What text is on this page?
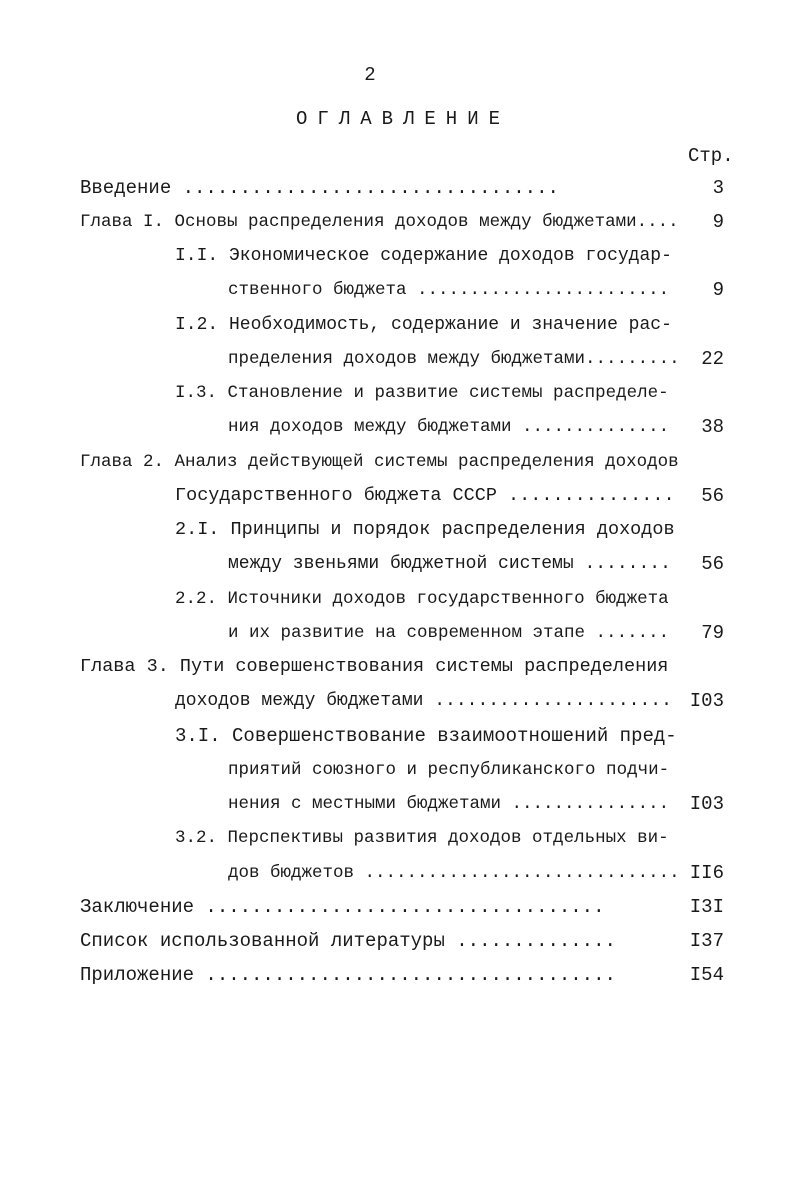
2
ОГЛАВЛЕНИЕ
Стр.
Введение .................................	3
Глава I. Основы распределения доходов между бюджетами.... 9
I.I. Экономическое содержание доходов государ-
ственного бюджета ........................ 9
I.2. Необходимость, содержание и значение рас-
пределения доходов между бюджетами......... 22
I.3. Становление и развитие системы распределе-
ния доходов между бюджетами .............. 38
Глава 2. Анализ действующей системы распределения доходов
Государственного бюджета СССР ............... 56
2.I. Принципы и порядок распределения доходов
между звеньями бюджетной системы ........ 56
2.2. Источники доходов государственного бюджета
и их развитие на современном этапе ....... 79
Глава 3. Пути совершенствования системы распределения
доходов между бюджетами ...................... I03
3.I. Совершенствование взаимоотношений пред-
приятий союзного и республиканского подчи-
нения с местными бюджетами ............... I03
3.2. Перспективы развития доходов отдельных ви-
дов бюджетов .............................. II6
Заключение ...................................	I3I
Список использованной литературы ..............	I37
Приложение ....................................	I54
